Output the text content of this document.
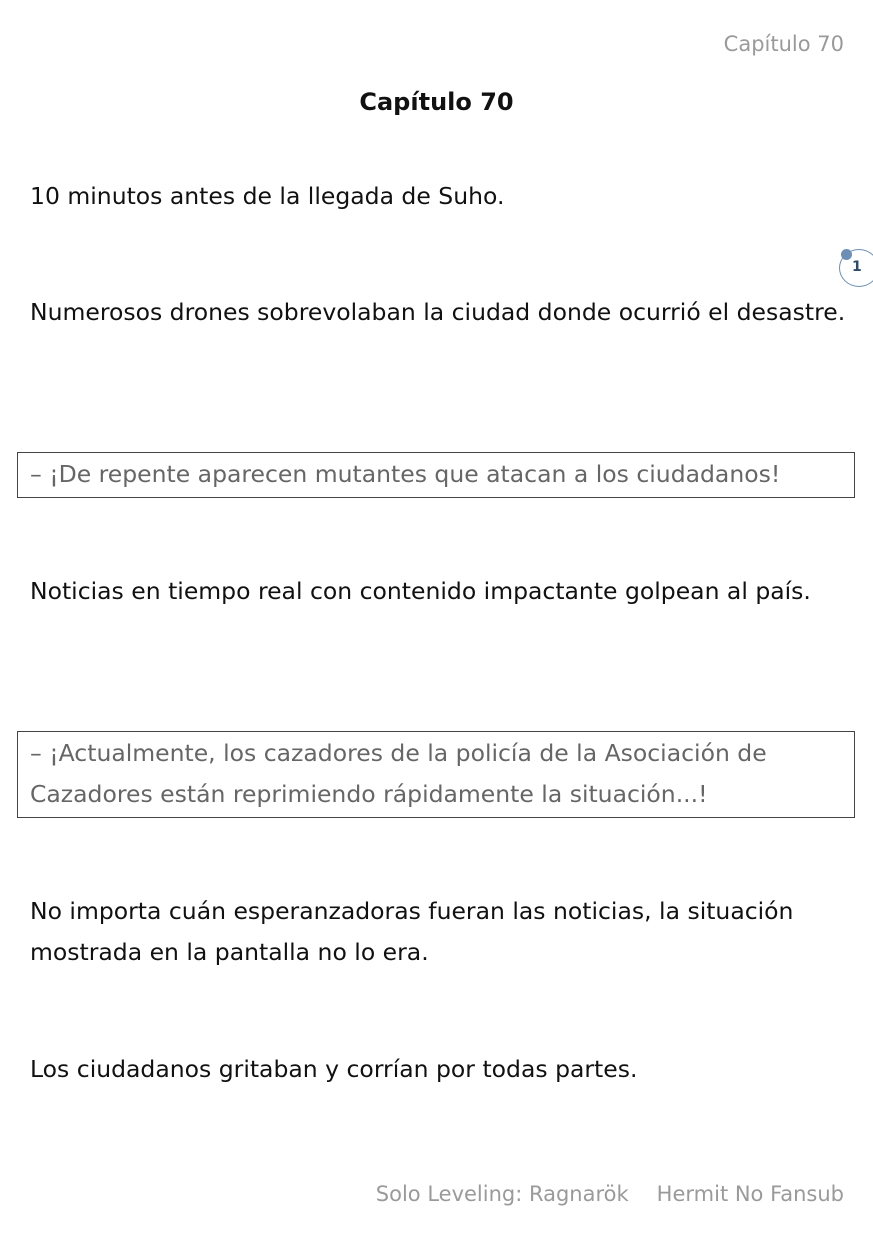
Capítulo 70
Capítulo 70

10 minutos antes de la llegada de Suho.

1

Numerosos drones sobrevolaban la ciudad donde ocurrió el desastre.

– ¡De repente aparecen mutantes que atacan a los ciudadanos!

Noticias en tiempo real con contenido impactante golpean al país.

– ¡Actualmente, los cazadores de la policía de la Asociación de Cazadores están reprimiendo rápidamente la situación...!

No importa cuán esperanzadoras fueran las noticias, la situación mostrada en la pantalla no lo era.

Los ciudadanos gritaban y corrían por todas partes.

Solo Leveling: Ragnarök Hermit No Fansub
